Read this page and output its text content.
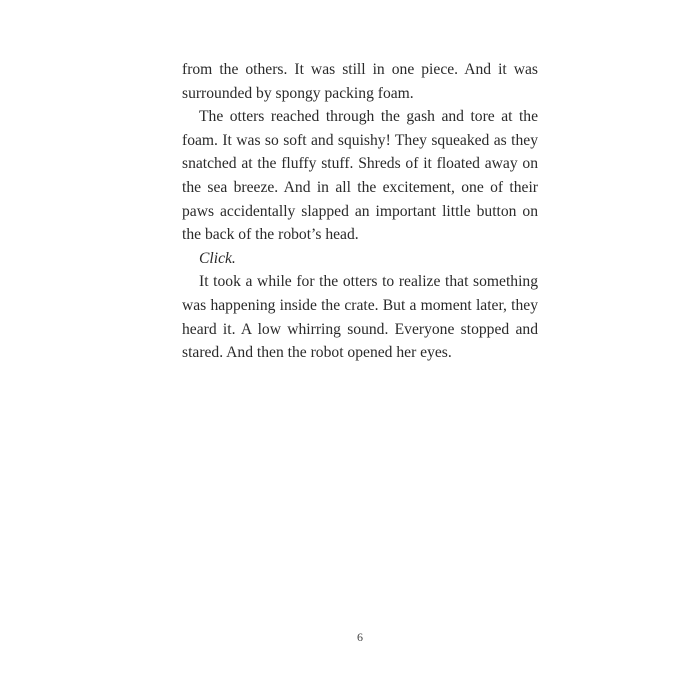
from the others. It was still in one piece. And it was surrounded by spongy packing foam.

The otters reached through the gash and tore at the foam. It was so soft and squishy! They squeaked as they snatched at the fluffy stuff. Shreds of it floated away on the sea breeze. And in all the excitement, one of their paws accidentally slapped an important little button on the back of the robot’s head.

Click.

It took a while for the otters to realize that something was happening inside the crate. But a moment later, they heard it. A low whirring sound. Everyone stopped and stared. And then the robot opened her eyes.

6
